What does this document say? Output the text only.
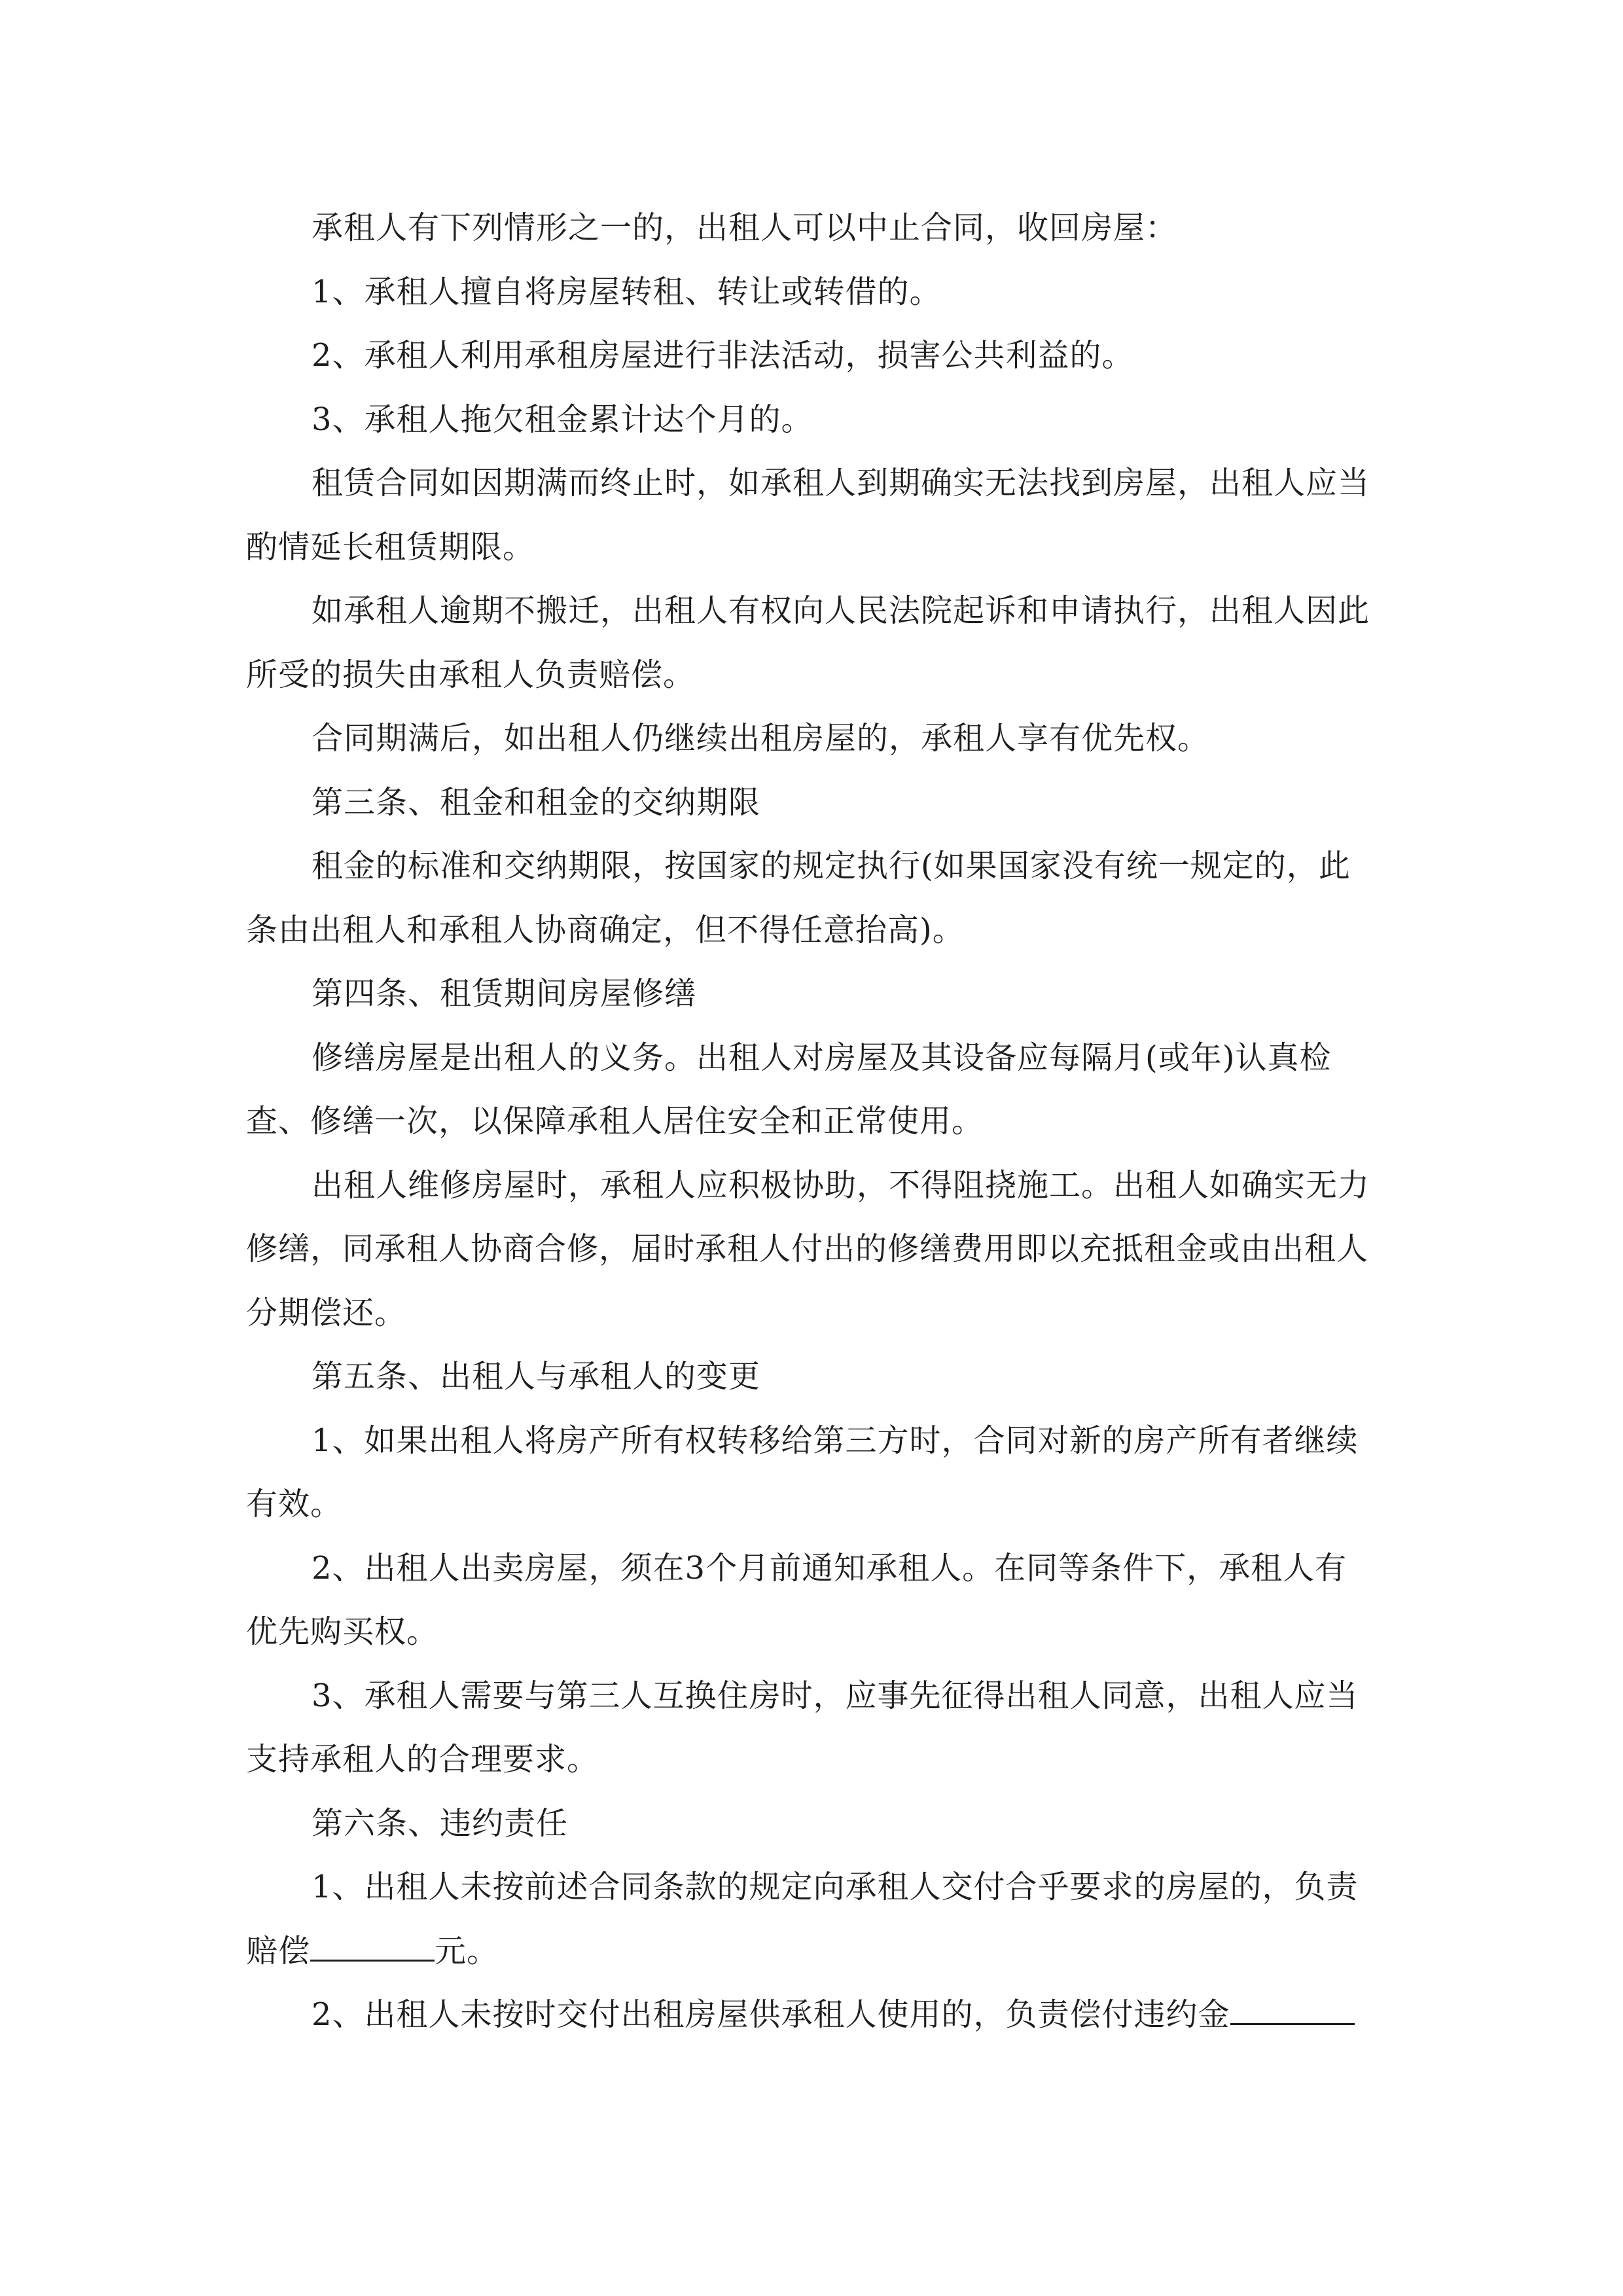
承租人有下列情形之一的，出租人可以中止合同，收回房屋：

1、承租人擅自将房屋转租、转让或转借的。

2、承租人利用承租房屋进行非法活动，损害公共利益的。

3、承租人拖欠租金累计达个月的。

租赁合同如因期满而终止时，如承租人到期确实无法找到房屋，出租人应当酌情延长租赁期限。

如承租人逾期不搬迁，出租人有权向人民法院起诉和申请执行，出租人因此所受的损失由承租人负责赔偿。

合同期满后，如出租人仍继续出租房屋的，承租人享有优先权。

第三条、租金和租金的交纳期限

租金的标准和交纳期限，按国家的规定执行(如果国家没有统一规定的，此条由出租人和承租人协商确定，但不得任意抬高)。

第四条、租赁期间房屋修缮

修缮房屋是出租人的义务。出租人对房屋及其设备应每隔月(或年)认真检查、修缮一次，以保障承租人居住安全和正常使用。

出租人维修房屋时，承租人应积极协助，不得阻挠施工。出租人如确实无力修缮，同承租人协商合修，届时承租人付出的修缮费用即以充抵租金或由出租人分期偿还。

第五条、出租人与承租人的变更

1、如果出租人将房产所有权转移给第三方时，合同对新的房产所有者继续有效。

2、出租人出卖房屋，须在3个月前通知承租人。在同等条件下，承租人有优先购买权。

3、承租人需要与第三人互换住房时，应事先征得出租人同意，出租人应当支持承租人的合理要求。

第六条、违约责任

1、出租人未按前述合同条款的规定向承租人交付合乎要求的房屋的，负责赔偿	元。

2、出租人未按时交付出租房屋供承租人使用的，负责偿付违约金
